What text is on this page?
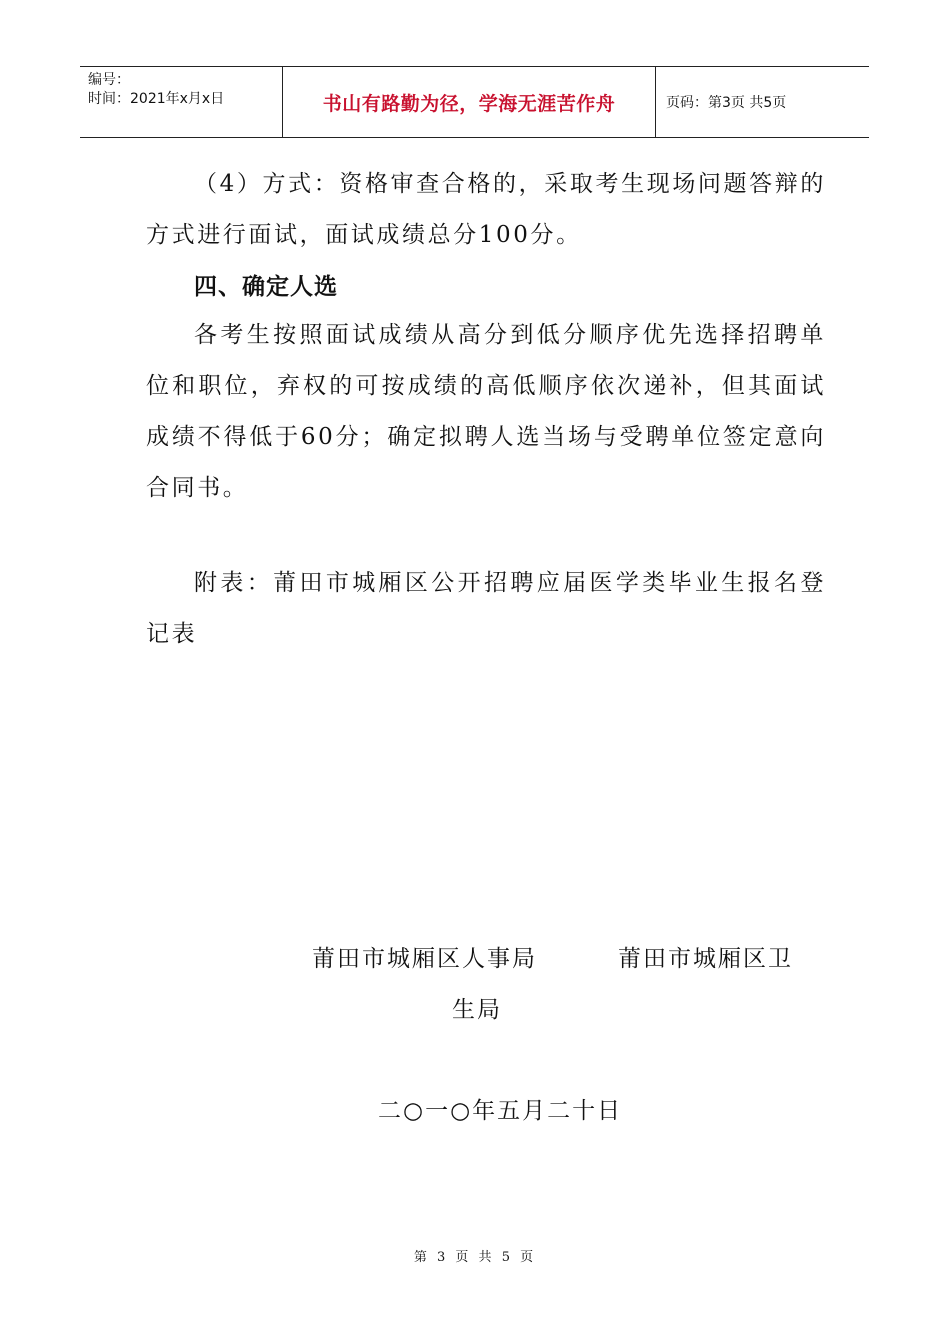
编号：
时间：2021年x月x日	书山有路勤为径，学海无涯苦作舟	页码：第3页 共5页
（4）方式：资格审查合格的，采取考生现场问题答辩的方式进行面试，面试成绩总分100分。
四、确定人选
各考生按照面试成绩从高分到低分顺序优先选择招聘单位和职位，弃权的可按成绩的高低顺序依次递补，但其面试成绩不得低于60分；确定拟聘人选当场与受聘单位签定意向合同书。
附表：莆田市城厢区公开招聘应届医学类毕业生报名登记表
莆田市城厢区人事局	莆田市城厢区卫
生局
二○一○年五月二十日
第 3 页 共 5 页
